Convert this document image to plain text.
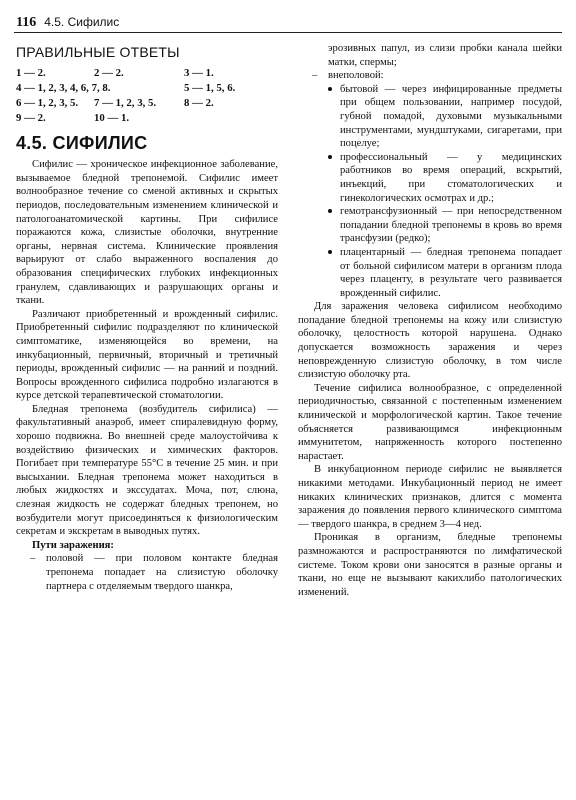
116 4.5. Сифилис
ПРАВИЛЬНЫЕ ОТВЕТЫ
1 — 2.	2 — 2.	3 — 1.
4 — 1, 2, 3, 4, 6, 7, 8.	5 — 1, 5, 6.
6 — 1, 2, 3, 5.	7 — 1, 2, 3, 5.	8 — 2.
9 — 2.	10 — 1.
4.5. СИФИЛИС

Сифилис — хроническое инфекционное заболевание, вызываемое бледной трепонемой. Сифилис имеет волнообразное течение со сменой активных и скрытых периодов, последовательным изменением клинической и патологоанатомической картины. При сифилисе поражаются кожа, слизистые оболочки, внутренние органы, нервная система. Клинические проявления варьируют от слабо выраженного воспаления до образования специфических глубоких инфекционных гранулем, сдавливающих и разрушающих органы и ткани.

Различают приобретенный и врожденный сифилис. Приобретенный сифилис подразделяют по клинической симптоматике, изменяющейся во времени, на инкубационный, первичный, вторичный и третичный периоды, врожденный сифилис — на ранний и поздний. Вопросы врожденного сифилиса подробно излагаются в курсе детской терапевтической стоматологии.

Бледная трепонема (возбудитель сифилиса) — факультативный анаэроб, имеет спиралевидную форму, хорошо подвижна. Во внешней среде малоустойчива к воздействию физических и химических факторов. Погибает при температуре 55°С в течение 25 мин. и при высыхании. Бледная трепонема может находиться в любых жидкостях и экссудатах. Моча, пот, слюна, слезная жидкость не содержат бледных трепонем, но возбудители могут присоединяться к физиологическим секретам и экскретам в выводных путях.

Пути заражения:
– половой — при половом контакте бледная трепонема попадает на слизистую оболочку партнера с отделяемым твердого шанкра,
эрозивных папул, из слизи пробки канала шейки матки, спермы;
– внеполовой:
бытовой — через инфицированные предметы при общем пользовании, например посудой, губной помадой, духовыми музыкальными инструментами, мундштуками, сигаретами, при поцелуе;
профессиональный — у медицинских работников во время операций, вскрытий, инъекций, при стоматологических и гинекологических осмотрах и др.;
гемотрансфузионный — при непосредственном попадании бледной трепонемы в кровь во время трансфузии (редко);
плацентарный — бледная трепонема попадает от больной сифилисом матери в организм плода через плаценту, в результате чего развивается врожденный сифилис.

Для заражения человека сифилисом необходимо попадание бледной трепонемы на кожу или слизистую оболочку, целостность которой нарушена. Однако допускается возможность заражения и через неповрежденную слизистую оболочку, в том числе слизистую оболочку рта.

Течение сифилиса волнообразное, с определенной периодичностью, связанной с постепенным изменением клинической и морфологической картин. Такое течение объясняется развивающимся инфекционным иммунитетом, напряженность которого постепенно нарастает.

В инкубационном периоде сифилис не выявляется никакими методами. Инкубационный период не имеет никаких клинических признаков, длится с момента заражения до появления первого клинического симптома — твердого шанкра, в среднем 3—4 нед.

Проникая в организм, бледные трепонемы размножаются и распространяются по лимфатической системе. Током крови они заносятся в разные органы и ткани, но еще не вызывают какихлибо патологических изменений.
